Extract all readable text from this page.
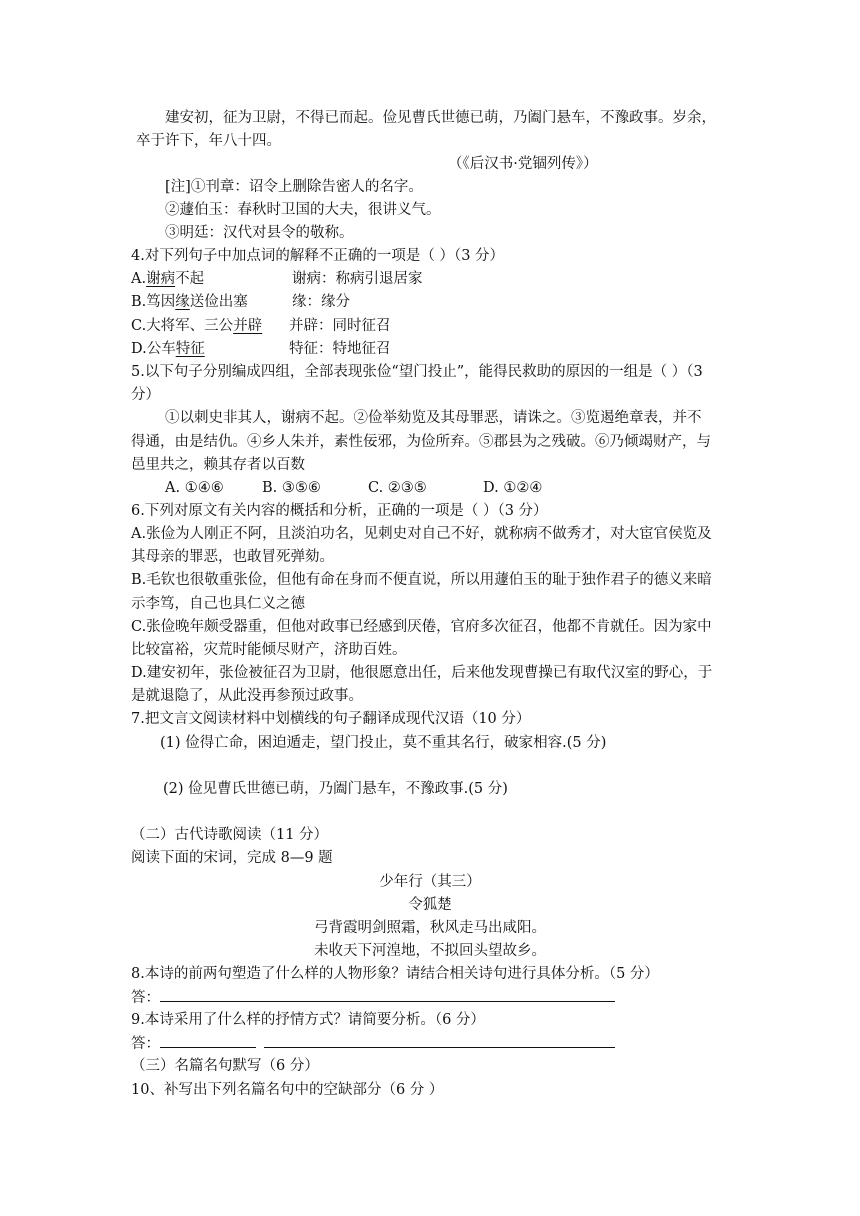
建安初，征为卫尉，不得已而起。俭见曹氏世德已萌，乃阖门悬车，不豫政事。岁余，
卒于许下，年八十四。
（《后汉书·党锢列传》）
[注]①刊章：诏令上删除告密人的名字。
②蘧伯玉：春秋时卫国的大夫，很讲义气。
③明廷：汉代对县令的敬称。
4.对下列句子中加点词的解释不正确的一项是（ ）（3 分）
A.谢病不起	谢病：称病引退居家
B.笃因缘送俭出塞	缘：缘分
C.大将军、三公并辟 并辟：同时征召
D.公车特征	特征：特地征召
5.以下句子分别编成四组，全部表现张俭“望门投止”，能得民救助的原因的一组是（ ）（3
分）
①以刺史非其人，谢病不起。②俭举劾览及其母罪恶，请诛之。③览遏绝章表，并不
得通，由是结仇。④乡人朱并，素性佞邪，为俭所弃。⑤郡县为之残破。⑥乃倾竭财产，与
邑里共之，赖其存者以百数
A. ①④⑥	B. ③⑤⑥	C. ②③⑤	D. ①②④
6.下列对原文有关内容的概括和分析，正确的一项是（ ）（3 分）
A.张俭为人刚正不阿，且淡泊功名，见刺史对自己不好，就称病不做秀才，对大宦官侯览及
其母亲的罪恶，也敢冒死弹劾。
B.毛钦也很敬重张俭，但他有命在身而不便直说，所以用蘧伯玉的耻于独作君子的德义来暗
示李笃，自己也具仁义之德
C.张俭晚年颇受器重，但他对政事已经感到厌倦，官府多次征召，他都不肯就任。因为家中
比较富裕，灾荒时能倾尽财产，济助百姓。
D.建安初年，张俭被征召为卫尉，他很愿意出任，后来他发现曹操已有取代汉室的野心，于
是就退隐了，从此没再参预过政事。
7.把文言文阅读材料中划横线的句子翻译成现代汉语（10 分）
(1) 俭得亡命，困迫遁走，望门投止，莫不重其名行，破家相容.(5 分)
(2) 俭见曹氏世德已萌，乃阖门悬车，不豫政事.(5 分)
（二）古代诗歌阅读（11 分）
阅读下面的宋词，完成 8—9 题
少年行（其三）
令狐楚
弓背霞明剑照霜，秋风走马出咸阳。
未收天下河湟地，不拟回头望故乡。
8.本诗的前两句塑造了什么样的人物形象？请结合相关诗句进行具体分析。（5 分）
答：
9.本诗采用了什么样的抒情方式？请简要分析。（6 分）
答：
（三）名篇名句默写（6 分）
10、补写出下列名篇名句中的空缺部分（6 分 ）
